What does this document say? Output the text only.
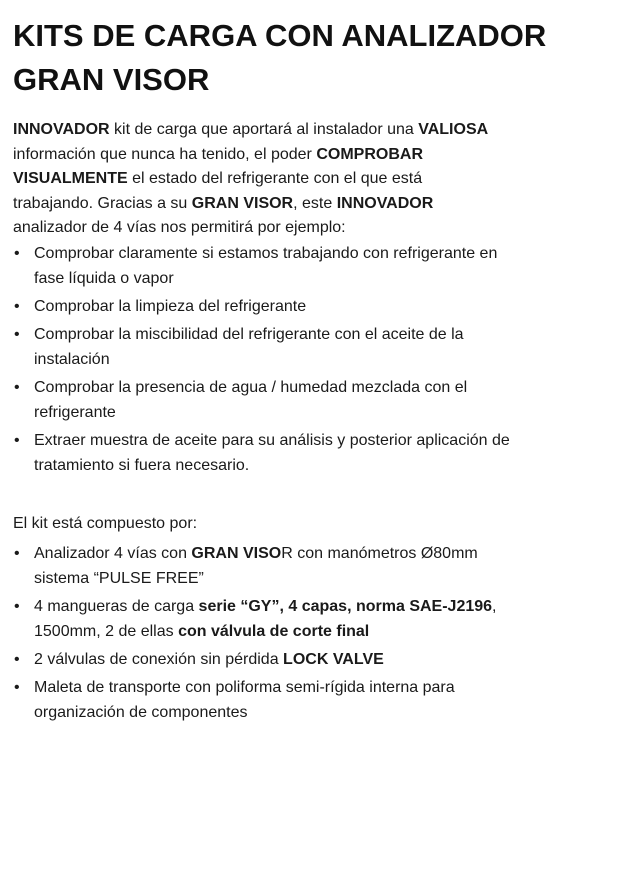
KITS DE CARGA CON ANALIZADOR
GRAN VISOR

INNOVADOR kit de carga que aportará al instalador una VALIOSA información que nunca ha tenido, el poder COMPROBAR VISUALMENTE el estado del refrigerante con el que está trabajando. Gracias a su GRAN VISOR, este INNOVADOR analizador de 4 vías nos permitirá por ejemplo:

• Comprobar claramente si estamos trabajando con refrigerante en fase líquida o vapor
• Comprobar la limpieza del refrigerante
• Comprobar la miscibilidad del refrigerante con el aceite de la instalación
• Comprobar la presencia de agua / humedad mezclada con el refrigerante
• Extraer muestra de aceite para su análisis y posterior aplicación de tratamiento si fuera necesario.

El kit está compuesto por:

• Analizador 4 vías con GRAN VISOR con manómetros Ø80mm sistema “PULSE FREE”
• 4 mangueras de carga serie “GY”, 4 capas, norma SAE-J2196, 1500mm, 2 de ellas con válvula de corte final
• 2 válvulas de conexión sin pérdida LOCK VALVE
• Maleta de transporte con poliforma semi-rígida interna para organización de componentes
